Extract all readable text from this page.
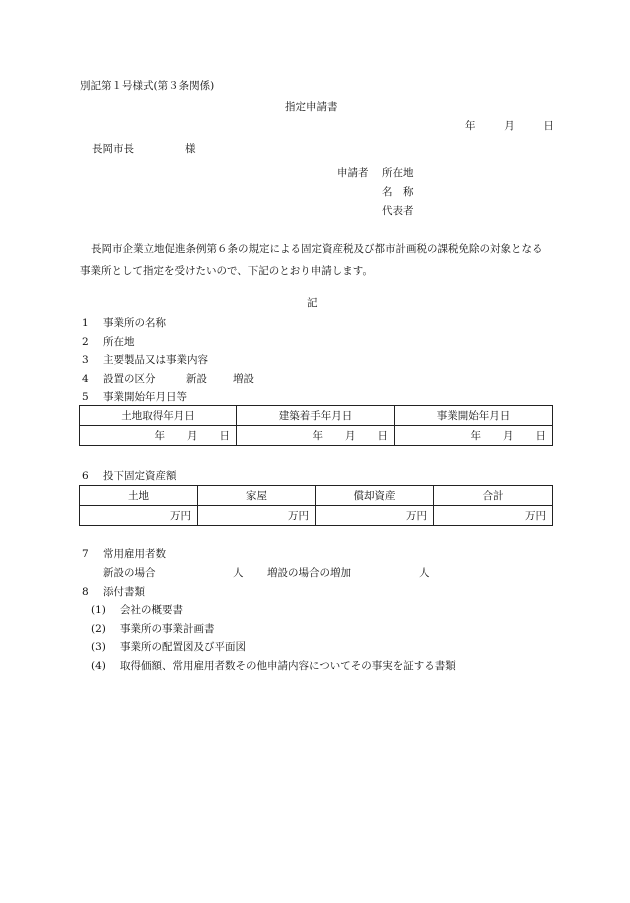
別記第１号様式(第３条関係)
指定申請書
年	月	日
長岡市長	様
申請者 所在地
名　称
代表者
長岡市企業立地促進条例第６条の規定による固定資産税及び都市計画税の課税免除の対象となる事業所として指定を受けたいので、下記のとおり申請します。
記
1 事業所の名称
2 所在地
3 主要製品又は事業内容
4 設置の区分	新設 増設
5 事業開始年月日等
土地取得年月日	建築着手年月日	事業開始年月日
年 月 日	年 月 日	年 月 日
6 投下固定資産額
土地	家屋	償却資産	合計
万円	万円	万円	万円
7 常用雇用者数
新設の場合	人 増設の場合の増加	人
8 添付書類
(1) 会社の概要書
(2) 事業所の事業計画書
(3) 事業所の配置図及び平面図
(4) 取得価額、常用雇用者数その他申請内容についてその事実を証する書類
